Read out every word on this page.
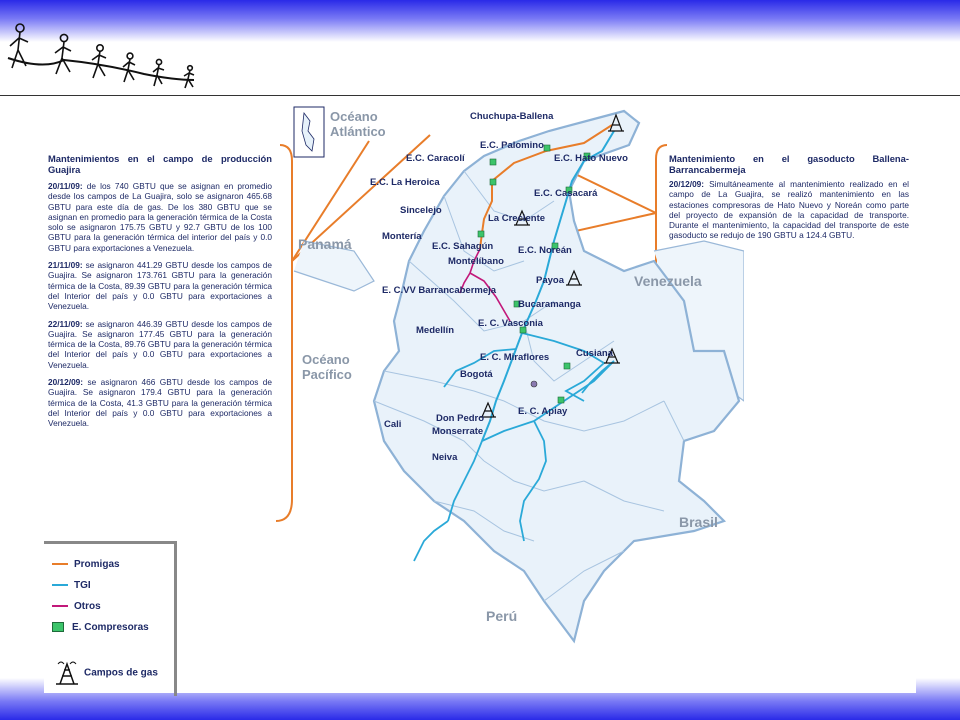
Mantenimientos en el campo de producción Guajira

20/11/09: de los 740 GBTU que se asignan en promedio desde los campos de La Guajira, solo se asignaron 465.68 GBTU para este día de gas. De los 380 GBTU que se asignan en promedio para la generación térmica de la Costa solo se asignaron 175.75 GBTU y 92.7 GBTU de los 100 GBTU para la generación térmica del interior del país y 0.0 GBTU para exportaciones a Venezuela.

21/11/09: se asignaron 441.29 GBTU desde los campos de Guajira. Se asignaron 173.761 GBTU para la generación térmica de la Costa, 89.39 GBTU para la generación térmica del Interior del país y 0.0 GBTU para exportaciones a Venezuela.

22/11/09: se asignaron 446.39 GBTU desde los campos de Guajira. Se asignaron 177.45 GBTU para la generación térmica de la Costa, 89.76 GBTU para la generación térmica del Interior del país y 0.0 GBTU para exportaciones a Venezuela.

20/12/09: se asignaron 466 GBTU desde los campos de Guajira. Se asignaron 179.4 GBTU para la generación térmica de la Costa, 41.3 GBTU para la generación térmica del Interior del país y 0.0 GBTU para exportaciones a Venezuela.

Mantenimiento en el gasoducto Ballena-Barrancabermeja

20/12/09: Simultáneamente al mantenimiento realizado en el campo de La Guajira, se realizó mantenimiento en las estaciones compresoras de Hato Nuevo y Noreán como parte del proyecto de expansión de la capacidad de transporte. Durante el mantenimiento, la capacidad del transporte de este gasoducto se redujo de 190 GBTU a 124.4 GBTU.

Océano
Atlántico
Panamá
Venezuela
Océano
Pacífico
Brasil
Perú
Chuchupa-Ballena
E.C. Palomino
E.C. Caracolí	E.C. Hato Nuevo
E.C. La Heroica
E.C. Casacará
Sincelejo
La Creciente
Montería
E.C. Sahagún	E.C. Noreán
Montelíbano
Payoa
E. C.VV Barrancabermeja
Bucaramanga
Medellín
E. C. Vasconia
E. C. Miraflores	Cusiana
Bogotá
E. C. Apiay
Cali
Don Pedro
Monserrate
Neiva
Promigas
TGI
Otros
E. Compresoras
Campos de gas
